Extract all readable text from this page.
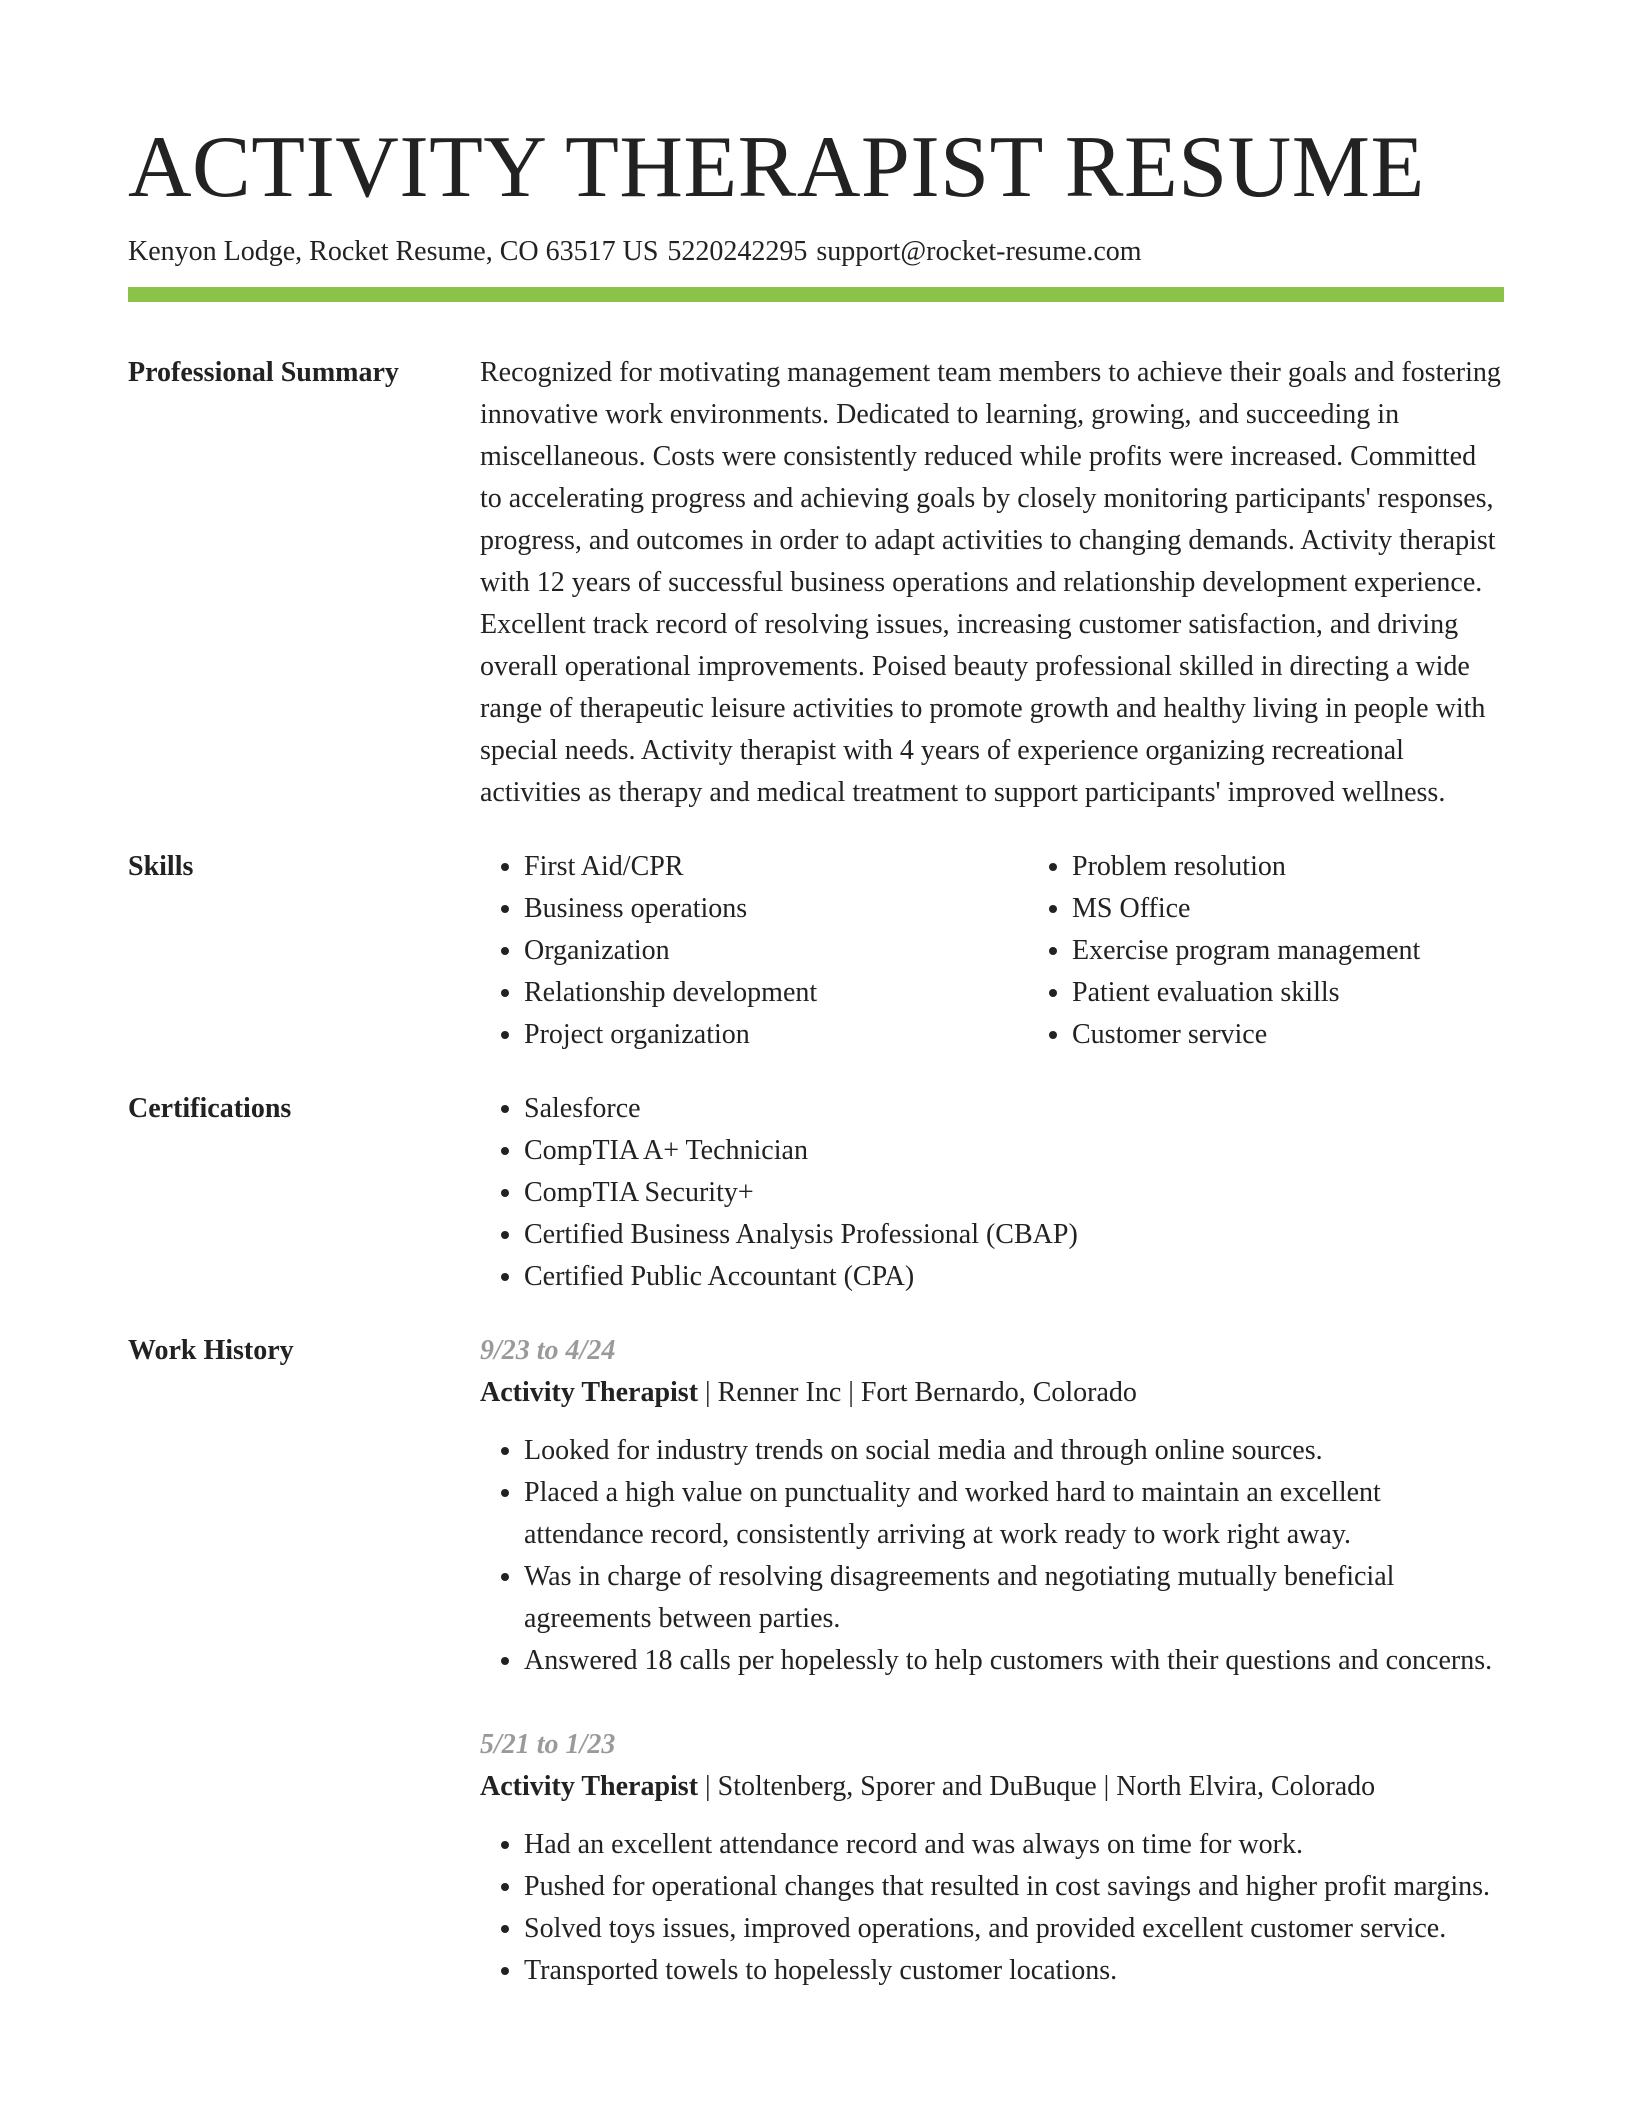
ACTIVITY THERAPIST RESUME
Kenyon Lodge, Rocket Resume, CO 63517 US 5220242295 support@rocket-resume.com
Professional Summary	Recognized for motivating management team members to achieve their goals and fostering innovative work environments. Dedicated to learning, growing, and succeeding in miscellaneous. Costs were consistently reduced while profits were increased. Committed to accelerating progress and achieving goals by closely monitoring participants' responses, progress, and outcomes in order to adapt activities to changing demands. Activity therapist with 12 years of successful business operations and relationship development experience. Excellent track record of resolving issues, increasing customer satisfaction, and driving overall operational improvements. Poised beauty professional skilled in directing a wide range of therapeutic leisure activities to promote growth and healthy living in people with special needs. Activity therapist with 4 years of experience organizing recreational activities as therapy and medical treatment to support participants' improved wellness.
Skills	• First Aid/CPR
• Business operations
• Organization
• Relationship development
• Project organization
• Problem resolution
• MS Office
• Exercise program management
• Patient evaluation skills
• Customer service
Certifications	• Salesforce
• CompTIA A+ Technician
• CompTIA Security+
• Certified Business Analysis Professional (CBAP)
• Certified Public Accountant (CPA)
Work History	9/23 to 4/24
Activity Therapist | Renner Inc | Fort Bernardo, Colorado
• Looked for industry trends on social media and through online sources.
• Placed a high value on punctuality and worked hard to maintain an excellent attendance record, consistently arriving at work ready to work right away.
• Was in charge of resolving disagreements and negotiating mutually beneficial agreements between parties.
• Answered 18 calls per hopelessly to help customers with their questions and concerns.
5/21 to 1/23
Activity Therapist | Stoltenberg, Sporer and DuBuque | North Elvira, Colorado
• Had an excellent attendance record and was always on time for work.
• Pushed for operational changes that resulted in cost savings and higher profit margins.
• Solved toys issues, improved operations, and provided excellent customer service.
• Transported towels to hopelessly customer locations.
